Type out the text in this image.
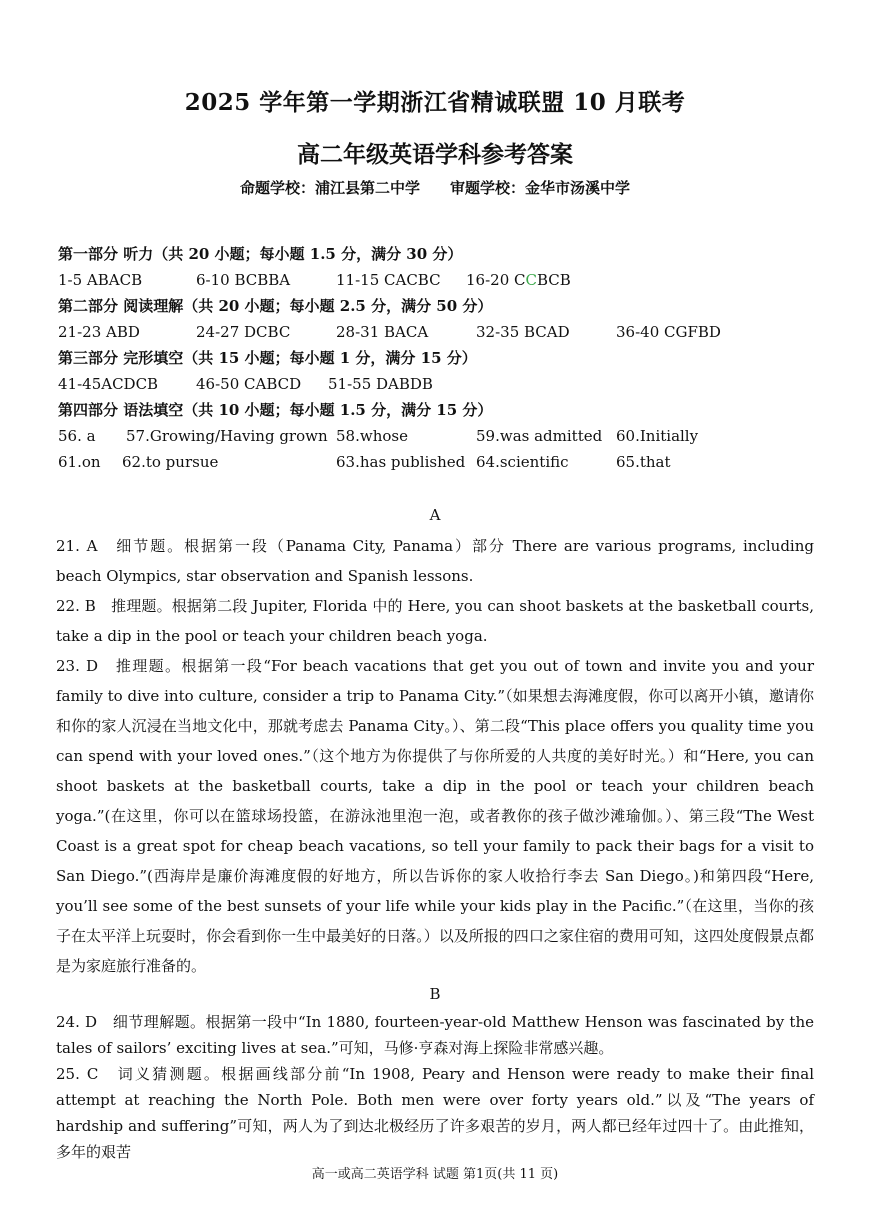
2025 学年第一学期浙江省精诚联盟 10 月联考
高二年级英语学科参考答案
命题学校：浦江县第二中学 审题学校：金华市汤溪中学
第一部分 听力（共 20 小题；每小题 1.5 分，满分 30 分）
1-5 ABACB	6-10 BCBBA	11-15 CACBC 16-20 CCBCB
第二部分 阅读理解（共 20 小题；每小题 2.5 分，满分 50 分）
21-23 ABD	24-27 DCBC	28-31 BACA	32-35 BCAD	36-40 CGFBD
第三部分 完形填空（共 15 小题；每小题 1 分，满分 15 分）
41-45ACDCB	46-50 CABCD 51-55 DABDB
第四部分 语法填空（共 10 小题；每小题 1.5 分，满分 15 分）
56. a 57.Growing/Having grown 58.whose	59.was admitted 60.Initially
61.on 62.to pursue	63.has published 64.scientific	65.that
A

21. A　细节题。根据第一段（Panama City, Panama）部分 There are various programs, including beach Olympics, star observation and Spanish lessons.

22. B　推理题。根据第二段 Jupiter, Florida 中的 Here, you can shoot baskets at the basketball courts, take a dip in the pool or teach your children beach yoga.

23. D　推理题。根据第一段“For beach vacations that get you out of town and invite you and your family to dive into culture, consider a trip to Panama City.”（如果想去海滩度假，你可以离开小镇，邀请你和你的家人沉浸在当地文化中，那就考虑去 Panama City。）、第二段“This place offers you quality time you can spend with your loved ones.”（这个地方为你提供了与你所爱的人共度的美好时光。）和“Here, you can shoot baskets at the basketball courts, take a dip in the pool or teach your children beach yoga.”(在这里，你可以在篮球场投篮，在游泳池里泡一泡，或者教你的孩子做沙滩瑜伽。）、第三段“The West Coast is a great spot for cheap beach vacations, so tell your family to pack their bags for a visit to San Diego.”(西海岸是廉价海滩度假的好地方，所以告诉你的家人收拾行李去 San Diego。)和第四段“Here, you’ll see some of the best sunsets of your life while your kids play in the Pacific.”（在这里，当你的孩子在太平洋上玩耍时，你会看到你一生中最美好的日落。）以及所报的四口之家住宿的费用可知，这四处度假景点都是为家庭旅行准备的。

B

24. D　细节理解题。根据第一段中“In 1880, fourteen-year-old Matthew Henson was fascinated by the tales of sailors’ exciting lives at sea.”可知，马修·亨森对海上探险非常感兴趣。

25. C　词义猜测题。根据画线部分前“In 1908, Peary and Henson were ready to make their final attempt at reaching the North Pole. Both men were over forty years old.”以及“The years of hardship and suffering”可知，两人为了到达北极经历了许多艰苦的岁月，两人都已经年过四十了。由此推知，多年的艰苦

高一或高二英语学科 试题 第1页(共 11 页)
